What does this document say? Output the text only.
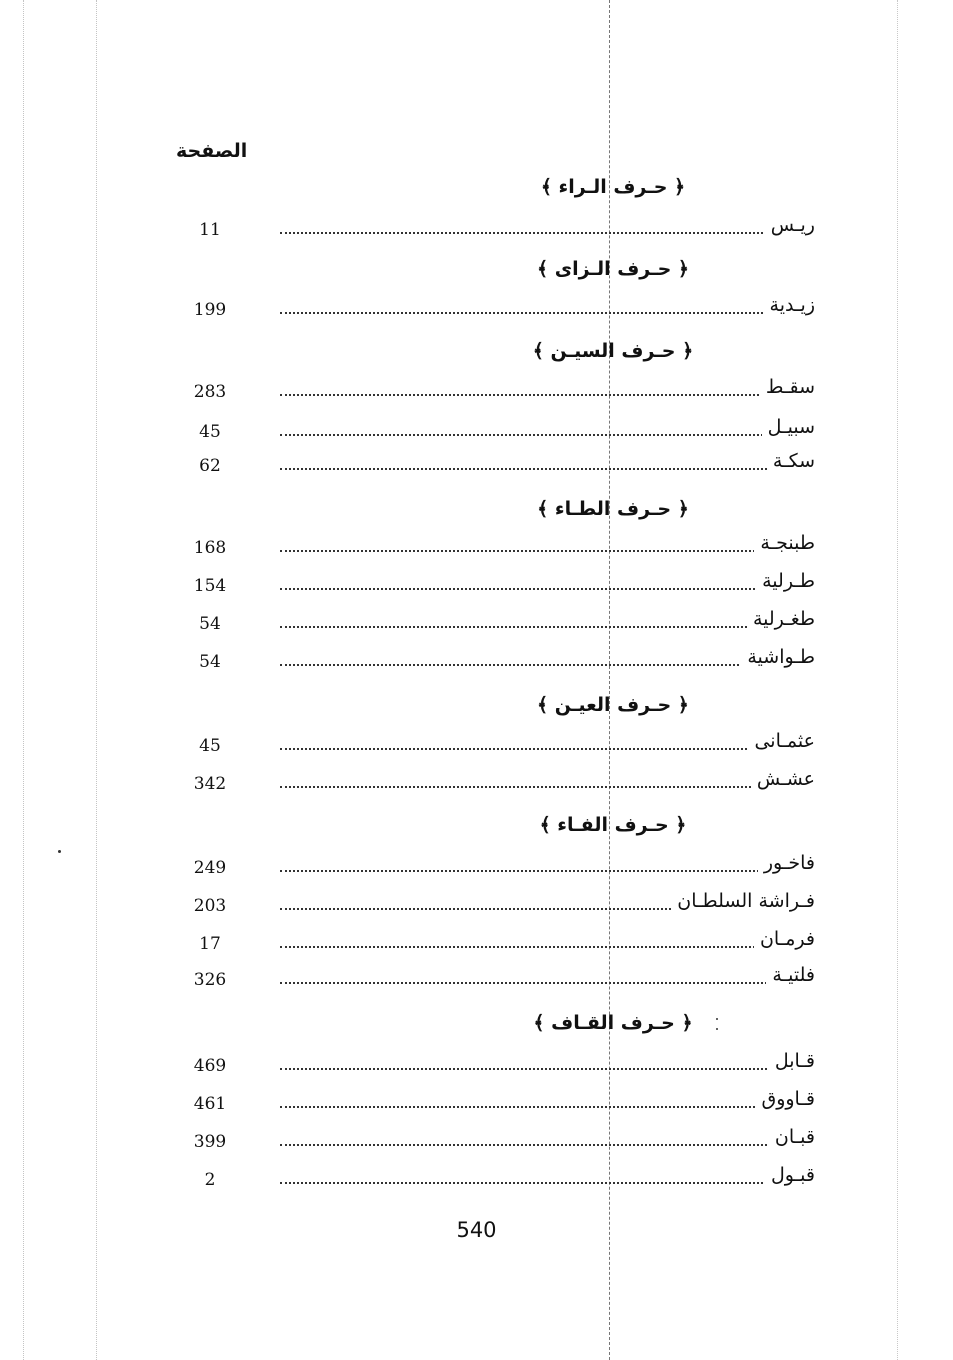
الصفحة
﴿ حـرف الـراء ﴾
ريـس
11
﴿ حـرف الـزاى ﴾
زيـدية
199
﴿ حـرف السيـن ﴾
سقـط
283
سبيـل
45
سكـة
62
﴿ حـرف الطـاء ﴾
طبنجـة
168
طـرلية
154
طغـرلية
54
طـواشية
54
﴿ حـرف العيـن ﴾
عثمـانى
45
عشـش
342
﴿ حـرف الفـاء ﴾
فاخـور
249
فـراشة السلطـان
203
فرمـان
17
فلتيـة
326
﴿ حـرف القـاف ﴾
قـابل
469
قـاووق
461
قبـان
399
قبـول
2
540
